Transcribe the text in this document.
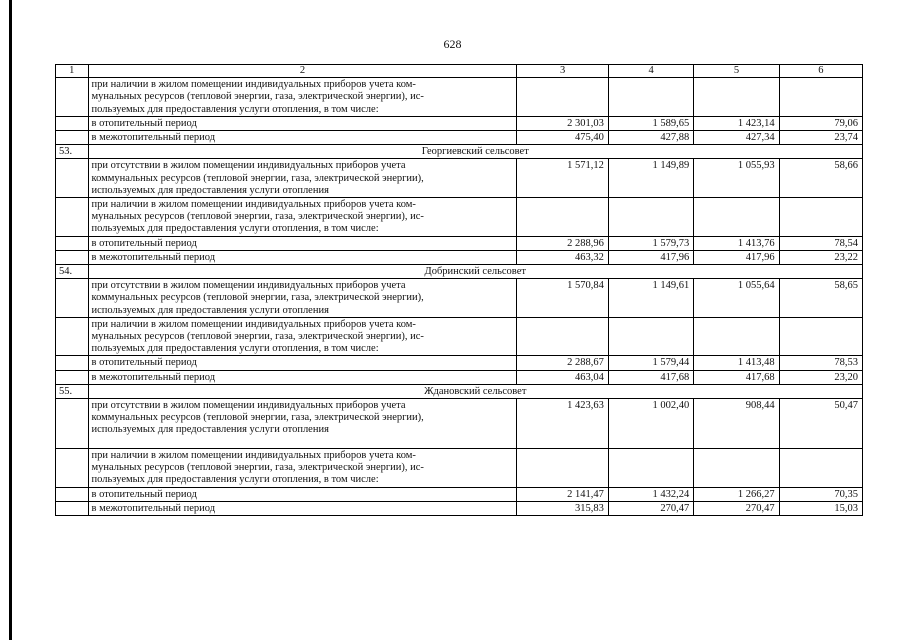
628
1	2	3	4	5	6
	при наличии в жилом помещении индивидуальных приборов учета ком-
мунальных ресурсов (тепловой энергии, газа, электрической энергии), ис-
пользуемых для предоставления услуги отопления, в том числе:				
	в отопительный период	2 301,03	1 589,65	1 423,14	79,06
	в межотопительный период	475,40	427,88	427,34	23,74
53.	Георгиевский сельсовет				
	при отсутствии в жилом помещении индивидуальных приборов учета
коммунальных ресурсов (тепловой энергии, газа, электрической энергии),
используемых для предоставления услуги отопления	1 571,12	1 149,89	1 055,93	58,66
	при наличии в жилом помещении индивидуальных приборов учета ком-
мунальных ресурсов (тепловой энергии, газа, электрической энергии), ис-
пользуемых для предоставления услуги отопления, в том числе:				
	в отопительный период	2 288,96	1 579,73	1 413,76	78,54
	в межотопительный период	463,32	417,96	417,96	23,22
54.	Добринский сельсовет				
	при отсутствии в жилом помещении индивидуальных приборов учета
коммунальных ресурсов (тепловой энергии, газа, электрической энергии),
используемых для предоставления услуги отопления	1 570,84	1 149,61	1 055,64	58,65
	при наличии в жилом помещении индивидуальных приборов учета ком-
мунальных ресурсов (тепловой энергии, газа, электрической энергии), ис-
пользуемых для предоставления услуги отопления, в том числе:				
	в отопительный период	2 288,67	1 579,44	1 413,48	78,53
	в межотопительный период	463,04	417,68	417,68	23,20
55.	Ждановский сельсовет				
	при отсутствии в жилом помещении индивидуальных приборов учета
коммунальных ресурсов (тепловой энергии, газа, электрической энергии),
используемых для предоставления услуги отопления	1 423,63	1 002,40	908,44	50,47
	при наличии в жилом помещении индивидуальных приборов учета ком-
мунальных ресурсов (тепловой энергии, газа, электрической энергии), ис-
пользуемых для предоставления услуги отопления, в том числе:				
	в отопительный период	2 141,47	1 432,24	1 266,27	70,35
	в межотопительный период	315,83	270,47	270,47	15,03
